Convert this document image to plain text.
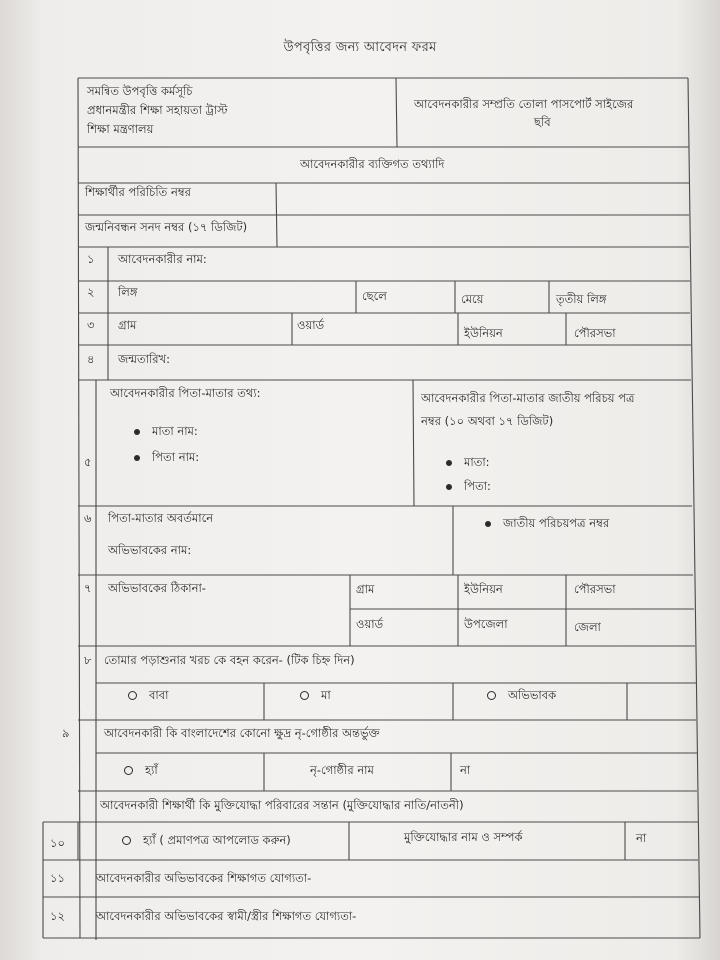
উপবৃত্তির জন্য আবেদন ফরম
সমন্বিত উপবৃত্তি কর্মসূচি
প্রধানমন্ত্রীর শিক্ষা সহায়তা ট্রাস্ট
শিক্ষা মন্ত্রণালয়
আবেদনকারীর সম্প্রতি তোলা পাসপোর্ট সাইজের
ছবি
আবেদনকারীর ব্যক্তিগত তথ্যাদি
শিক্ষার্থীর পরিচিতি নম্বর
জন্মনিবন্ধন সনদ নম্বর (১৭ ডিজিট)
১ আবেদনকারীর নাম:
২ লিঙ্গ	ছেলে	মেয়ে	তৃতীয় লিঙ্গ
৩ গ্রাম	ওয়ার্ড
ইউনিয়ন	পৌরসভা
৪ জন্মতারিখ:
৫
আবেদনকারীর পিতা-মাতার তথ্য:
মাতা নাম:
পিতা নাম:
আবেদনকারীর পিতা-মাতার জাতীয় পরিচয় পত্র
নম্বর (১০ অথবা ১৭ ডিজিট)
মাতা:
পিতা:
৬ পিতা-মাতার অবর্তমানে
অভিভাবকের নাম:
জাতীয় পরিচয়পত্র নম্বর
৭ অভিভাবকের ঠিকানা-	গ্রাম	ইউনিয়ন	পৌরসভা
ওয়ার্ড	উপজেলা	জেলা
৮ তোমার পড়াশুনার খরচ কে বহন করেন- (টিক চিহ্ন দিন)
বাবা	মা	অভিভাবক
৯	আবেদনকারী কি বাংলাদেশের কোনো ক্ষুদ্র নৃ-গোষ্ঠীর অন্তর্ভুক্ত
হ্যাঁ	নৃ-গোষ্ঠীর নাম	না
আবেদনকারী শিক্ষার্থী কি মুক্তিযোদ্ধা পরিবারের সন্তান (মুক্তিযোদ্ধার নাতি/নাতনী)
১০	হ্যাঁ ( প্রমাণপত্র আপলোড করুন)	মুক্তিযোদ্ধার নাম ও সম্পর্ক	না
১১	আবেদনকারীর অভিভাবকের শিক্ষাগত যোগ্যতা-
১২	আবেদনকারীর অভিভাবকের স্বামী/স্ত্রীর শিক্ষাগত যোগ্যতা-
